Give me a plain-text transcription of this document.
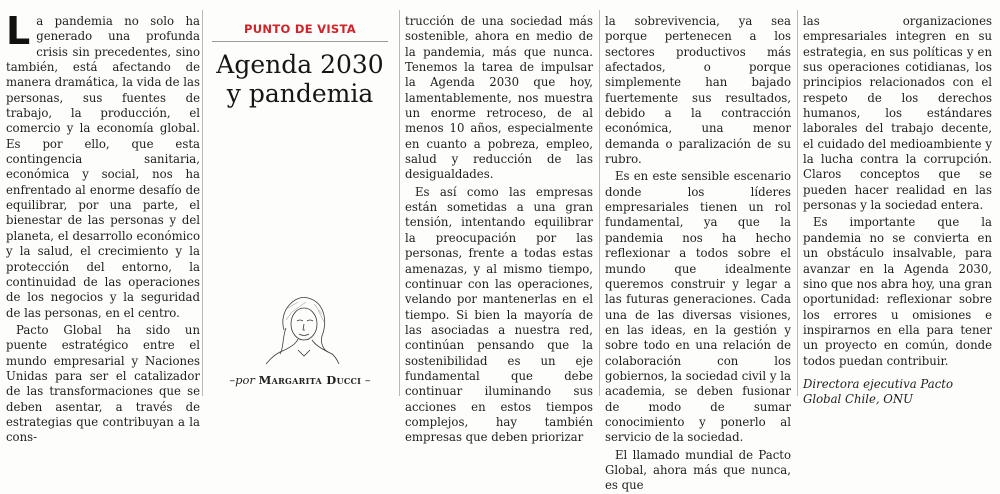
La pandemia no solo ha generado una profunda crisis sin precedentes, sino también, está afectando de manera dramática, la vida de las personas, sus fuentes de trabajo, la producción, el comercio y la economía global. Es por ello, que esta contingencia sanitaria, económica y social, nos ha enfrentado al enorme desafío de equilibrar, por una parte, el bienestar de las personas y del planeta, el desarrollo económico y la salud, el crecimiento y la protección del entorno, la continuidad de las operaciones de los negocios y la seguridad de las personas, en el centro.

Pacto Global ha sido un puente estratégico entre el mundo empresarial y Naciones Unidas para ser el catalizador de las transformaciones que se deben asentar, a través de estrategias que contribuyan a la cons-

PUNTO DE VISTA
Agenda 2030 y pandemia
–por Margarita Ducci –

trucción de una sociedad más sostenible, ahora en medio de la pandemia, más que nunca. Tenemos la tarea de impulsar la Agenda 2030 que hoy, lamentablemente, nos muestra un enorme retroceso, de al menos 10 años, especialmente en cuanto a pobreza, empleo, salud y reducción de las desigualdades.

Es así como las empresas están sometidas a una gran tensión, intentando equilibrar la preocupación por las personas, frente a todas estas amenazas, y al mismo tiempo, continuar con las operaciones, velando por mantenerlas en el tiempo. Si bien la mayoría de las asociadas a nuestra red, continúan pensando que la sostenibilidad es un eje fundamental que debe continuar iluminando sus acciones en estos tiempos complejos, hay también empresas que deben priorizar

la sobrevivencia, ya sea porque pertenecen a los sectores productivos más afectados, o porque simplemente han bajado fuertemente sus resultados, debido a la contracción económica, una menor demanda o paralización de su rubro.

Es en este sensible escenario donde los líderes empresariales tienen un rol fundamental, ya que la pandemia nos ha hecho reflexionar a todos sobre el mundo que idealmente queremos construir y legar a las futuras generaciones. Cada una de las diversas visiones, en las ideas, en la gestión y sobre todo en una relación de colaboración con los gobiernos, la sociedad civil y la academia, se deben fusionar de modo de sumar conocimiento y ponerlo al servicio de la sociedad.

El llamado mundial de Pacto Global, ahora más que nunca, es que

las organizaciones empresariales integren en su estrategia, en sus políticas y en sus operaciones cotidianas, los principios relacionados con el respeto de los derechos humanos, los estándares laborales del trabajo decente, el cuidado del medioambiente y la lucha contra la corrupción. Claros conceptos que se pueden hacer realidad en las personas y la sociedad entera.

Es importante que la pandemia no se convierta en un obstáculo insalvable, para avanzar en la Agenda 2030, sino que nos abra hoy, una gran oportunidad: reflexionar sobre los errores u omisiones e inspirarnos en ella para tener un proyecto en común, donde todos puedan contribuir.

Directora ejecutiva Pacto Global Chile, ONU
